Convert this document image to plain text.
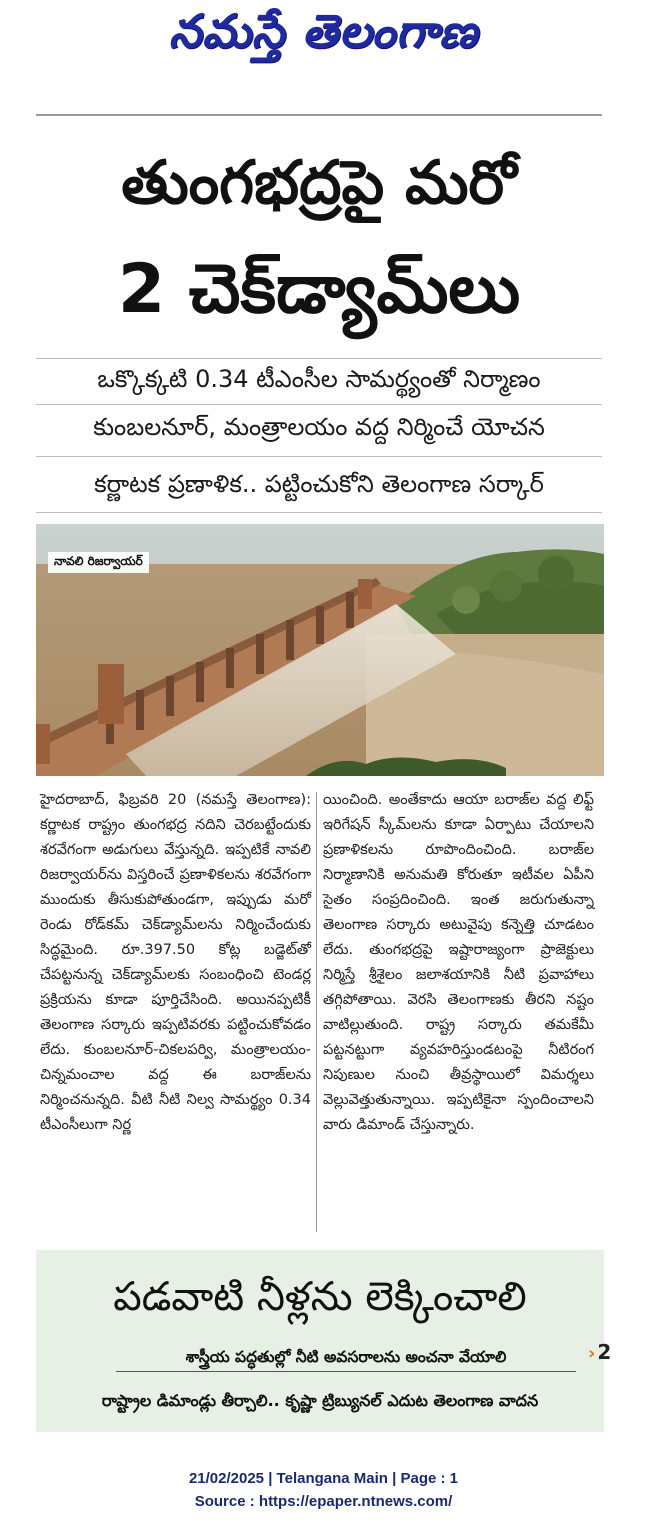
నమస్తే తెలంగాణ
తుంగభద్రపై మరో
2 చెక్‌డ్యామ్‌లు
ఒక్కొక్కటి 0.34 టీఎంసీల సామర్థ్యంతో నిర్మాణం
కుంబలనూర్, మంత్రాలయం వద్ద నిర్మించే యోచన
కర్ణాటక ప్రణాళిక.. పట్టించుకోని తెలంగాణ సర్కార్
నావలి రిజర్వాయర్

హైదరాబాద్, ఫిబ్రవరి 20 (నమస్తే తెలంగాణ): కర్ణాటక రాష్ట్రం తుంగభద్ర నదిని చెరబట్టేందుకు శరవేగంగా అడుగులు వేస్తున్నది. ఇప్పటికే నావలి రిజర్వాయర్‌ను విస్తరించే ప్రణాళికలను శరవేగంగా ముందుకు తీసుకుపోతుండగా, ఇప్పుడు మరో రెండు రోడ్‌కమ్ చెక్‌డ్యామ్‌లను నిర్మించేందుకు సిద్ధమైంది. రూ.397.50 కోట్ల బడ్జెట్‌తో చేపట్టనున్న చెక్‌డ్యామ్‌లకు సంబంధించి టెండర్ల ప్రక్రియను కూడా పూర్తిచేసింది. అయినప్పటికీ తెలంగాణ సర్కారు ఇప్పటివరకు పట్టించుకోవడం లేదు. కుంబలనూర్-చికలపర్వి, మంత్రాలయం-చిన్నమంచాల వద్ద ఈ బరాజ్‌లను నిర్మించనున్నది. వీటి నీటి నిల్వ సామర్థ్యం 0.34 టీఎంసీలుగా నిర్ణ

యించింది. అంతేకాదు ఆయా బరాజ్‌ల వద్ద లిఫ్ట్ ఇరిగేషన్ స్కీమ్‌లను కూడా ఏర్పాటు చేయాలని ప్రణాళికలను రూపొందించింది. బరాజ్‌ల నిర్మాణానికి అనుమతి కోరుతూ ఇటీవల ఏపీని సైతం సంప్రదించింది. ఇంత జరుగుతున్నా తెలంగాణ సర్కారు అటువైపు కన్నెత్తి చూడటం లేదు. తుంగభద్రపై ఇష్టారాజ్యంగా ప్రాజెక్టులు నిర్మిస్తే శ్రీశైలం జలాశయానికి నీటి ప్రవాహాలు తగ్గిపోతాయి. వెరసి తెలంగాణకు తీరని నష్టం వాటిల్లుతుంది. రాష్ట్ర సర్కారు తమకేమీ పట్టనట్టుగా వ్యవహరిస్తుండటంపై నీటిరంగ నిపుణుల నుంచి తీవ్రస్థాయిలో విమర్శలు వెల్లువెత్తుతున్నాయి. ఇప్పటికైనా స్పందించాలని వారు డిమాండ్ చేస్తున్నారు.

పడవాటి నీళ్లను లెక్కించాలి
శాస్త్రీయ పద్ధతుల్లో నీటి అవసరాలను అంచనా వేయాలి	› 2
రాష్ట్రాల డిమాండ్లు తీర్చాలి.. కృష్ణా ట్రిబ్యునల్ ఎదుట తెలంగాణ వాదన
21/02/2025 | Telangana Main | Page : 1
Source : https://epaper.ntnews.com/
